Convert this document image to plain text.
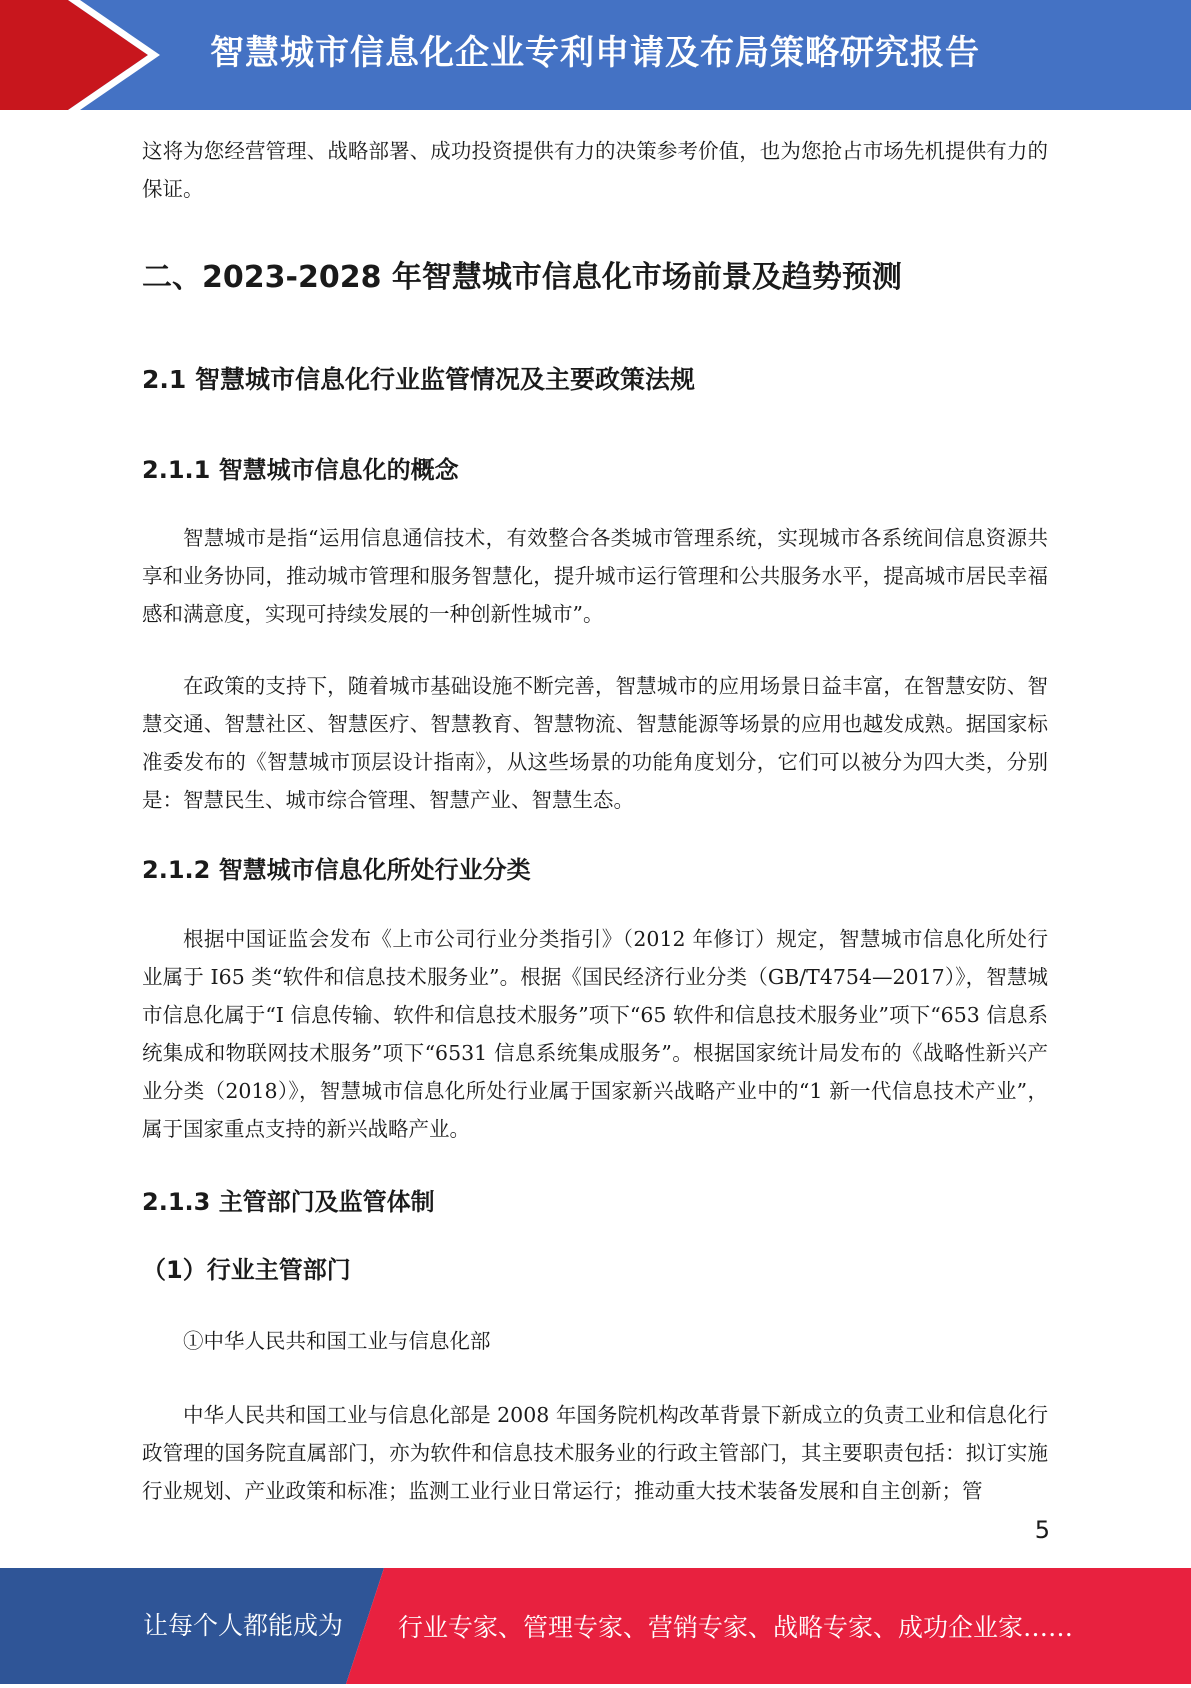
智慧城市信息化企业专利申请及布局策略研究报告

这将为您经营管理、战略部署、成功投资提供有力的决策参考价值，也为您抢占市场先机提供有力的保证。

二、2023-2028 年智慧城市信息化市场前景及趋势预测
2.1 智慧城市信息化行业监管情况及主要政策法规
2.1.1 智慧城市信息化的概念

智慧城市是指“运用信息通信技术，有效整合各类城市管理系统，实现城市各系统间信息资源共享和业务协同，推动城市管理和服务智慧化，提升城市运行管理和公共服务水平，提高城市居民幸福感和满意度，实现可持续发展的一种创新性城市”。

在政策的支持下，随着城市基础设施不断完善，智慧城市的应用场景日益丰富，在智慧安防、智慧交通、智慧社区、智慧医疗、智慧教育、智慧物流、智慧能源等场景的应用也越发成熟。据国家标准委发布的《智慧城市顶层设计指南》，从这些场景的功能角度划分，它们可以被分为四大类，分别是：智慧民生、城市综合管理、智慧产业、智慧生态。

2.1.2 智慧城市信息化所处行业分类

根据中国证监会发布《上市公司行业分类指引》（2012 年修订）规定，智慧城市信息化所处行业属于 I65 类“软件和信息技术服务业”。根据《国民经济行业分类（GB/T4754—2017）》，智慧城市信息化属于“I 信息传输、软件和信息技术服务”项下“65 软件和信息技术服务业”项下“653 信息系统集成和物联网技术服务”项下“6531 信息系统集成服务”。根据国家统计局发布的《战略性新兴产业分类（2018）》，智慧城市信息化所处行业属于国家新兴战略产业中的“1 新一代信息技术产业”，属于国家重点支持的新兴战略产业。

2.1.3 主管部门及监管体制
（1）行业主管部门

①中华人民共和国工业与信息化部

中华人民共和国工业与信息化部是 2008 年国务院机构改革背景下新成立的负责工业和信息化行政管理的国务院直属部门，亦为软件和信息技术服务业的行政主管部门，其主要职责包括：拟订实施行业规划、产业政策和标准；监测工业行业日常运行；推动重大技术装备发展和自主创新；管

5
让每个人都能成为 行业专家、管理专家、营销专家、战略专家、成功企业家……
